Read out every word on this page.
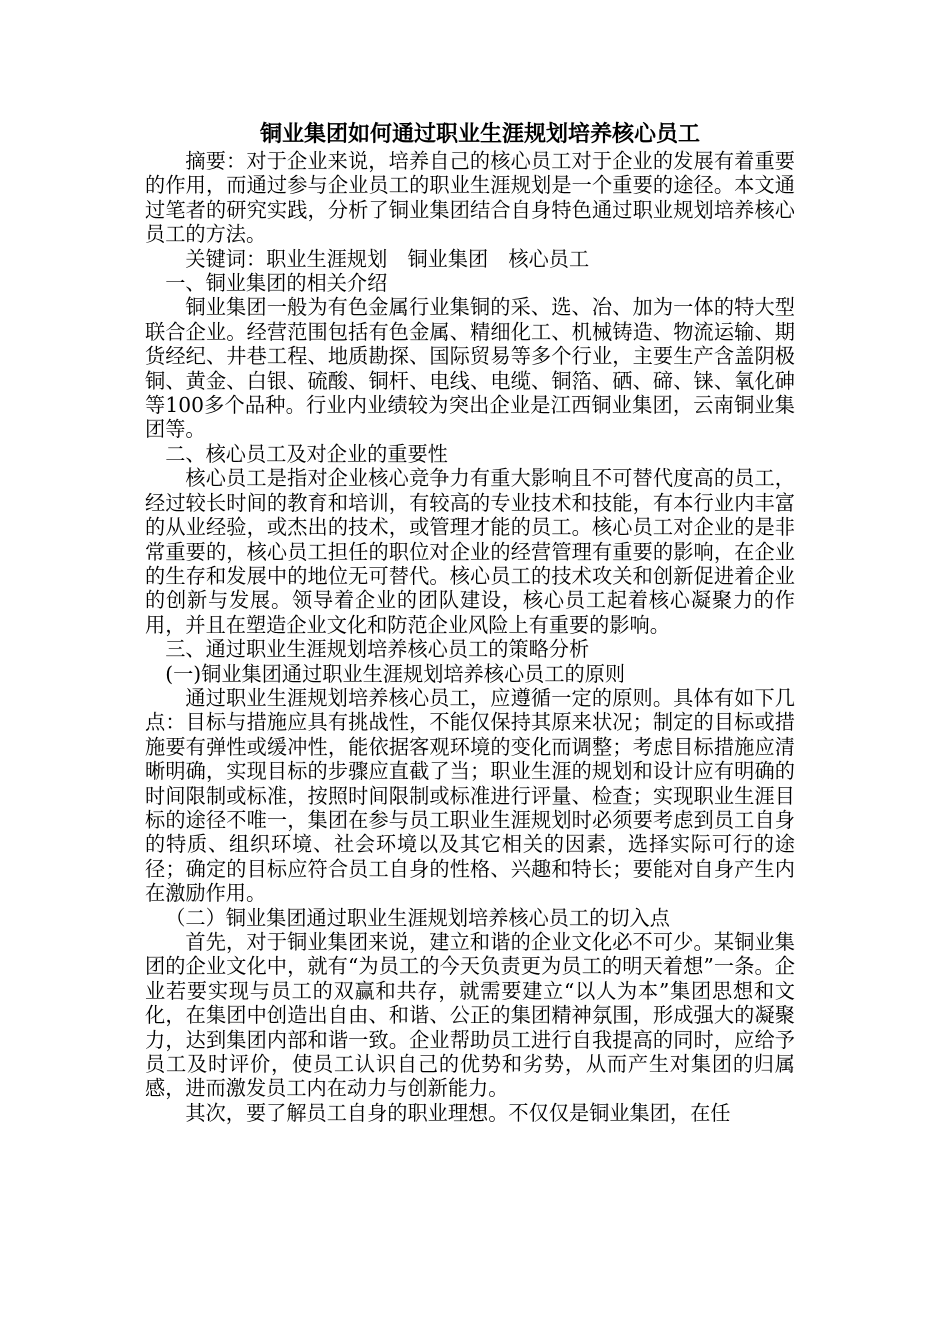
铜业集团如何通过职业生涯规划培养核心员工

摘要：对于企业来说，培养自己的核心员工对于企业的发展有着重要的作用，而通过参与企业员工的职业生涯规划是一个重要的途径。本文通过笔者的研究实践，分析了铜业集团结合自身特色通过职业规划培养核心员工的方法。

关键词：职业生涯规划　铜业集团　核心员工

一、铜业集团的相关介绍

铜业集团一般为有色金属行业集铜的采、选、冶、加为一体的特大型联合企业。经营范围包括有色金属、精细化工、机械铸造、物流运输、期货经纪、井巷工程、地质勘探、国际贸易等多个行业，主要生产含盖阴极铜、黄金、白银、硫酸、铜杆、电线、电缆、铜箔、硒、碲、铼、氧化砷等100多个品种。行业内业绩较为突出企业是江西铜业集团，云南铜业集团等。

二、核心员工及对企业的重要性

核心员工是指对企业核心竞争力有重大影响且不可替代度高的员工，经过较长时间的教育和培训，有较高的专业技术和技能，有本行业内丰富的从业经验，或杰出的技术，或管理才能的员工。核心员工对企业的是非常重要的，核心员工担任的职位对企业的经营管理有重要的影响，在企业的生存和发展中的地位无可替代。核心员工的技术攻关和创新促进着企业的创新与发展。领导着企业的团队建设，核心员工起着核心凝聚力的作用，并且在塑造企业文化和防范企业风险上有重要的影响。

三、通过职业生涯规划培养核心员工的策略分析

(一)铜业集团通过职业生涯规划培养核心员工的原则

通过职业生涯规划培养核心员工，应遵循一定的原则。具体有如下几点：目标与措施应具有挑战性，不能仅保持其原来状况；制定的目标或措施要有弹性或缓冲性，能依据客观环境的变化而调整；考虑目标措施应清晰明确，实现目标的步骤应直截了当；职业生涯的规划和设计应有明确的时间限制或标准，按照时间限制或标准进行评量、检查；实现职业生涯目标的途径不唯一，集团在参与员工职业生涯规划时必须要考虑到员工自身的特质、组织环境、社会环境以及其它相关的因素，选择实际可行的途径；确定的目标应符合员工自身的性格、兴趣和特长；要能对自身产生内在激励作用。

（二）铜业集团通过职业生涯规划培养核心员工的切入点

首先，对于铜业集团来说，建立和谐的企业文化必不可少。某铜业集团的企业文化中，就有“为员工的今天负责更为员工的明天着想”一条。企业若要实现与员工的双赢和共存，就需要建立“以人为本”集团思想和文化，在集团中创造出自由、和谐、公正的集团精神氛围，形成强大的凝聚力，达到集团内部和谐一致。企业帮助员工进行自我提高的同时，应给予员工及时评价，使员工认识自己的优势和劣势，从而产生对集团的归属感，进而激发员工内在动力与创新能力。

其次，要了解员工自身的职业理想。不仅仅是铜业集团，在任
